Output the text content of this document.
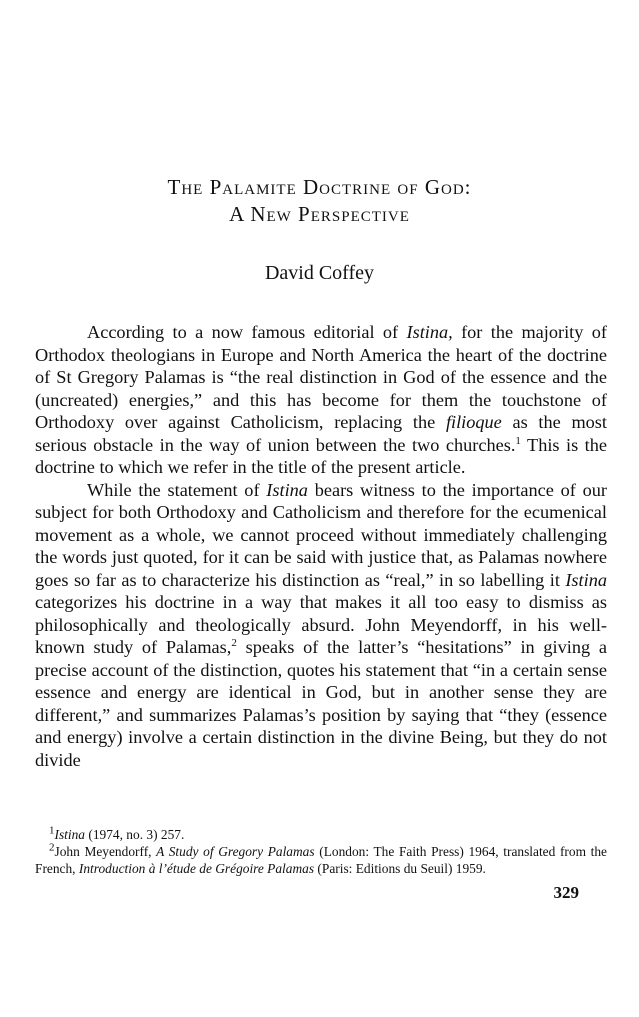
The Palamite Doctrine of God:
A New Perspective
David Coffey

According to a now famous editorial of Istina, for the majority of Orthodox theologians in Europe and North America the heart of the doctrine of St Gregory Palamas is “the real distinction in God of the essence and the (uncreated) energies,” and this has become for them the touchstone of Orthodoxy over against Catholicism, replacing the filioque as the most serious obstacle in the way of union between the two churches.$^1$ This is the doctrine to which we refer in the title of the present article.

While the statement of Istina bears witness to the importance of our subject for both Orthodoxy and Catholicism and therefore for the ecumenical movement as a whole, we cannot proceed without immediately challenging the words just quoted, for it can be said with justice that, as Palamas nowhere goes so far as to characterize his distinction as “real,” in so labelling it Istina categorizes his doctrine in a way that makes it all too easy to dismiss as philosophically and theologically absurd. John Meyendorff, in his well-known study of Palamas,$^2$ speaks of the latter’s “hesitations” in giving a precise account of the distinction, quotes his statement that “in a certain sense essence and energy are identical in God, but in another sense they are different,” and summarizes Palamas’s position by saying that “they (essence and energy) involve a certain distinction in the divine Being, but they do not divide

$^1$Istina (1974, no. 3) 257.

$^2$John Meyendorff, A Study of Gregory Palamas (London: The Faith Press) 1964, translated from the French, Introduction à l’étude de Grégoire Palamas (Paris: Editions du Seuil) 1959.

329
